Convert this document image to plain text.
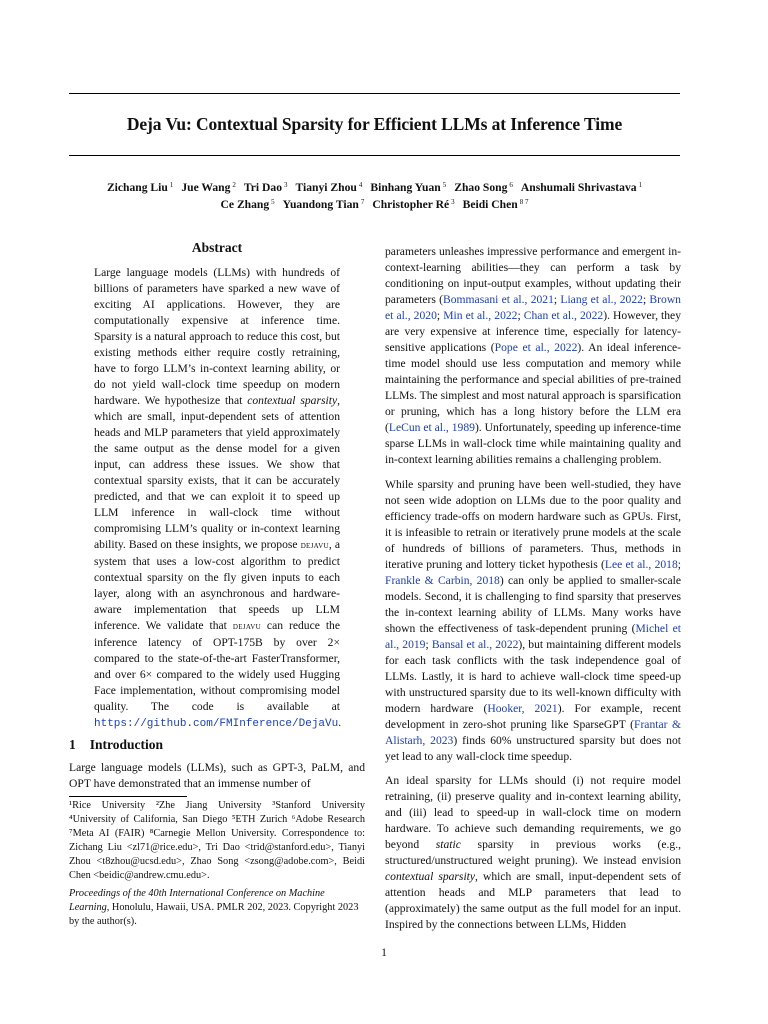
Deja Vu: Contextual Sparsity for Efficient LLMs at Inference Time
Zichang Liu $^1$ Jue Wang $^2$ Tri Dao $^3$ Tianyi Zhou $^4$ Binhang Yuan $^5$ Zhao Song $^6$ Anshumali Shrivastava $^1$
Ce Zhang $^5$ Yuandong Tian $^7$ Christopher Ré $^3$ Beidi Chen $^{8 7}$
Abstract
Large language models (LLMs) with hundreds of billions of parameters have sparked a new wave of exciting AI applications. However, they are computationally expensive at inference time. Sparsity is a natural approach to reduce this cost, but existing methods either require costly retraining, have to forgo LLM’s in-context learning ability, or do not yield wall-clock time speedup on modern hardware. We hypothesize that contextual sparsity, which are small, input-dependent sets of attention heads and MLP parameters that yield approximately the same output as the dense model for a given input, can address these issues. We show that contextual sparsity exists, that it can be accurately predicted, and that we can exploit it to speed up LLM inference in wall-clock time without compromising LLM’s quality or in-context learning ability. Based on these insights, we propose dejavu, a system that uses a low-cost algorithm to predict contextual sparsity on the fly given inputs to each layer, along with an asynchronous and hardware-aware implementation that speeds up LLM inference. We validate that dejavu can reduce the inference latency of OPT-175B by over 2× compared to the state-of-the-art FasterTransformer, and over 6× compared to the widely used Hugging Face implementation, without compromising model quality. The code is available at https://github.com/FMInference/DejaVu.
1 Introduction
Large language models (LLMs), such as GPT-3, PaLM, and OPT have demonstrated that an immense number of
¹Rice University ²Zhe Jiang University ³Stanford University ⁴University of California, San Diego ⁵ETH Zurich ⁶Adobe Research ⁷Meta AI (FAIR) ⁸Carnegie Mellon University. Correspondence to: Zichang Liu <zl71@rice.edu>, Tri Dao <trid@stanford.edu>, Tianyi Zhou <t8zhou@ucsd.edu>, Zhao Song <zsong@adobe.com>, Beidi Chen <beidic@andrew.cmu.edu>.
Proceedings of the 40th International Conference on Machine Learning, Honolulu, Hawaii, USA. PMLR 202, 2023. Copyright 2023 by the author(s).
parameters unleashes impressive performance and emergent in-context-learning abilities—they can perform a task by conditioning on input-output examples, without updating their parameters (Bommasani et al., 2021; Liang et al., 2022; Brown et al., 2020; Min et al., 2022; Chan et al., 2022). However, they are very expensive at inference time, especially for latency-sensitive applications (Pope et al., 2022). An ideal inference-time model should use less computation and memory while maintaining the performance and special abilities of pre-trained LLMs. The simplest and most natural approach is sparsification or pruning, which has a long history before the LLM era (LeCun et al., 1989). Unfortunately, speeding up inference-time sparse LLMs in wall-clock time while maintaining quality and in-context learning abilities remains a challenging problem.
While sparsity and pruning have been well-studied, they have not seen wide adoption on LLMs due to the poor quality and efficiency trade-offs on modern hardware such as GPUs. First, it is infeasible to retrain or iteratively prune models at the scale of hundreds of billions of parameters. Thus, methods in iterative pruning and lottery ticket hypothesis (Lee et al., 2018; Frankle & Carbin, 2018) can only be applied to smaller-scale models. Second, it is challenging to find sparsity that preserves the in-context learning ability of LLMs. Many works have shown the effectiveness of task-dependent pruning (Michel et al., 2019; Bansal et al., 2022), but maintaining different models for each task conflicts with the task independence goal of LLMs. Lastly, it is hard to achieve wall-clock time speed-up with unstructured sparsity due to its well-known difficulty with modern hardware (Hooker, 2021). For example, recent development in zero-shot pruning like SparseGPT (Frantar & Alistarh, 2023) finds 60% unstructured sparsity but does not yet lead to any wall-clock time speedup.
An ideal sparsity for LLMs should (i) not require model retraining, (ii) preserve quality and in-context learning ability, and (iii) lead to speed-up in wall-clock time on modern hardware. To achieve such demanding requirements, we go beyond static sparsity in previous works (e.g., structured/unstructured weight pruning). We instead envision contextual sparsity, which are small, input-dependent sets of attention heads and MLP parameters that lead to (approximately) the same output as the full model for an input. Inspired by the connections between LLMs, Hidden
1
